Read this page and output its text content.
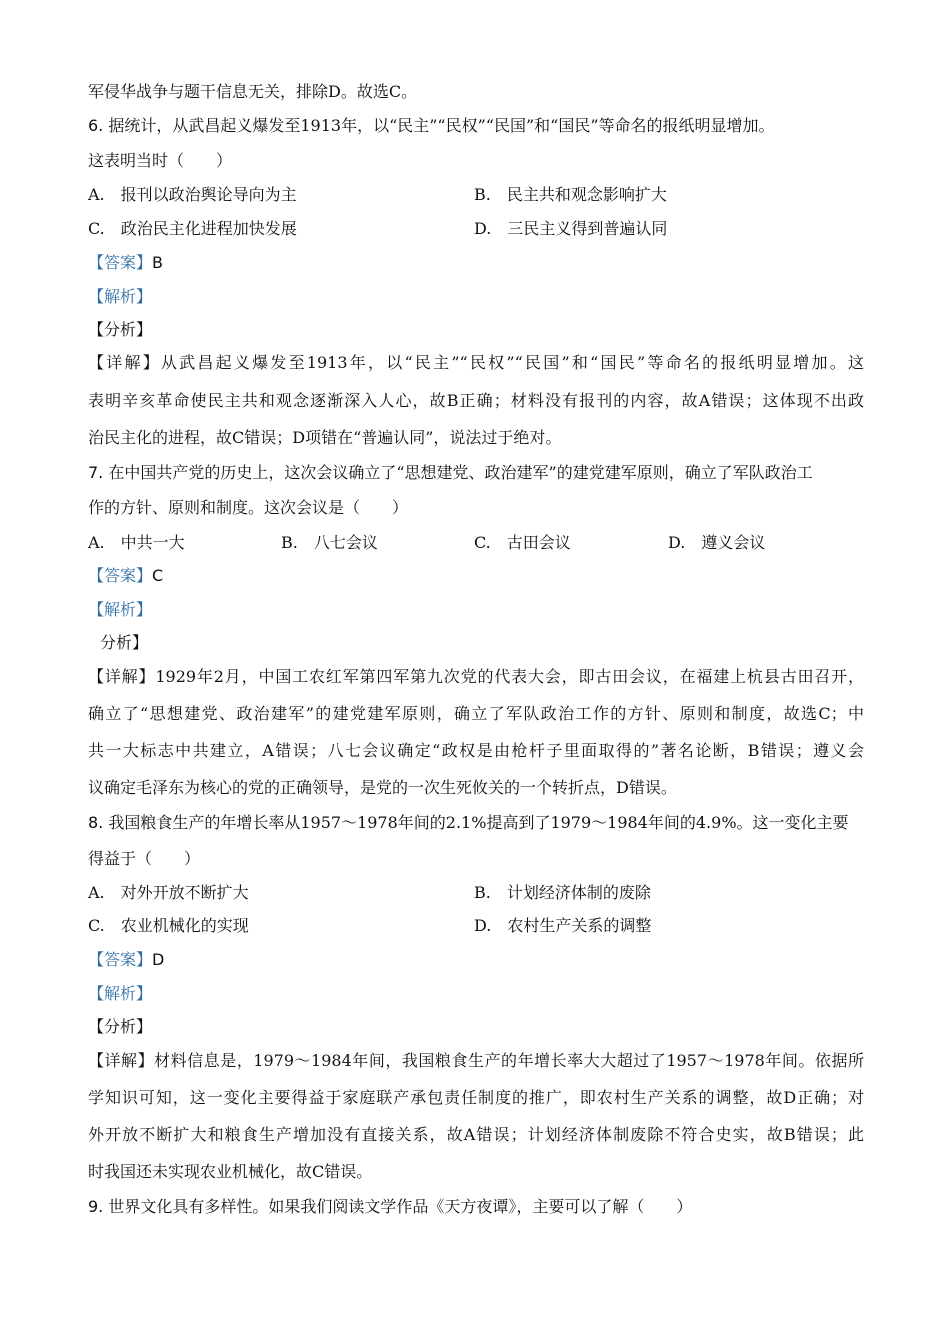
军侵华战争与题干信息无关，排除D。故选C。
6. 据统计，从武昌起义爆发至1913年，以“民主”“民权”“民国”和“国民”等命名的报纸明显增加。
这表明当时（　　）
A.　报刊以政治舆论导向为主	B.　民主共和观念影响扩大
C.　政治民主化进程加快发展	D.　三民主义得到普遍认同
【答案】B
【解析】
【分析】
【详解】从武昌起义爆发至1913年，以“民主”“民权”“民国”和“国民”等命名的报纸明显增加。这
表明辛亥革命使民主共和观念逐渐深入人心，故B正确；材料没有报刊的内容，故A错误；这体现不出政
治民主化的进程，故C错误；D项错在“普遍认同”，说法过于绝对。
7. 在中国共产党的历史上，这次会议确立了“思想建党、政治建军”的建党建军原则，确立了军队政治工
作的方针、原则和制度。这次会议是（　　）
A.　中共一大	B.　八七会议	C.　古田会议	D.　遵义会议
【答案】C
【解析】
分析】
【详解】1929年2月，中国工农红军第四军第九次党的代表大会，即古田会议，在福建上杭县古田召开，
确立了“思想建党、政治建军”的建党建军原则，确立了军队政治工作的方针、原则和制度，故选C；中
共一大标志中共建立，A错误；八七会议确定“政权是由枪杆子里面取得的”著名论断，B错误；遵义会
议确定毛泽东为核心的党的正确领导，是党的一次生死攸关的一个转折点，D错误。
8. 我国粮食生产的年增长率从1957～1978年间的2.1%提高到了1979～1984年间的4.9%。这一变化主要
得益于（　　）
A.　对外开放不断扩大	B.　计划经济体制的废除
C.　农业机械化的实现	D.　农村生产关系的调整
【答案】D
【解析】
【分析】
【详解】材料信息是，1979～1984年间，我国粮食生产的年增长率大大超过了1957～1978年间。依据所
学知识可知，这一变化主要得益于家庭联产承包责任制度的推广，即农村生产关系的调整，故D正确；对
外开放不断扩大和粮食生产增加没有直接关系，故A错误；计划经济体制废除不符合史实，故B错误；此
时我国还未实现农业机械化，故C错误。
9. 世界文化具有多样性。如果我们阅读文学作品《天方夜谭》，主要可以了解（　　）
